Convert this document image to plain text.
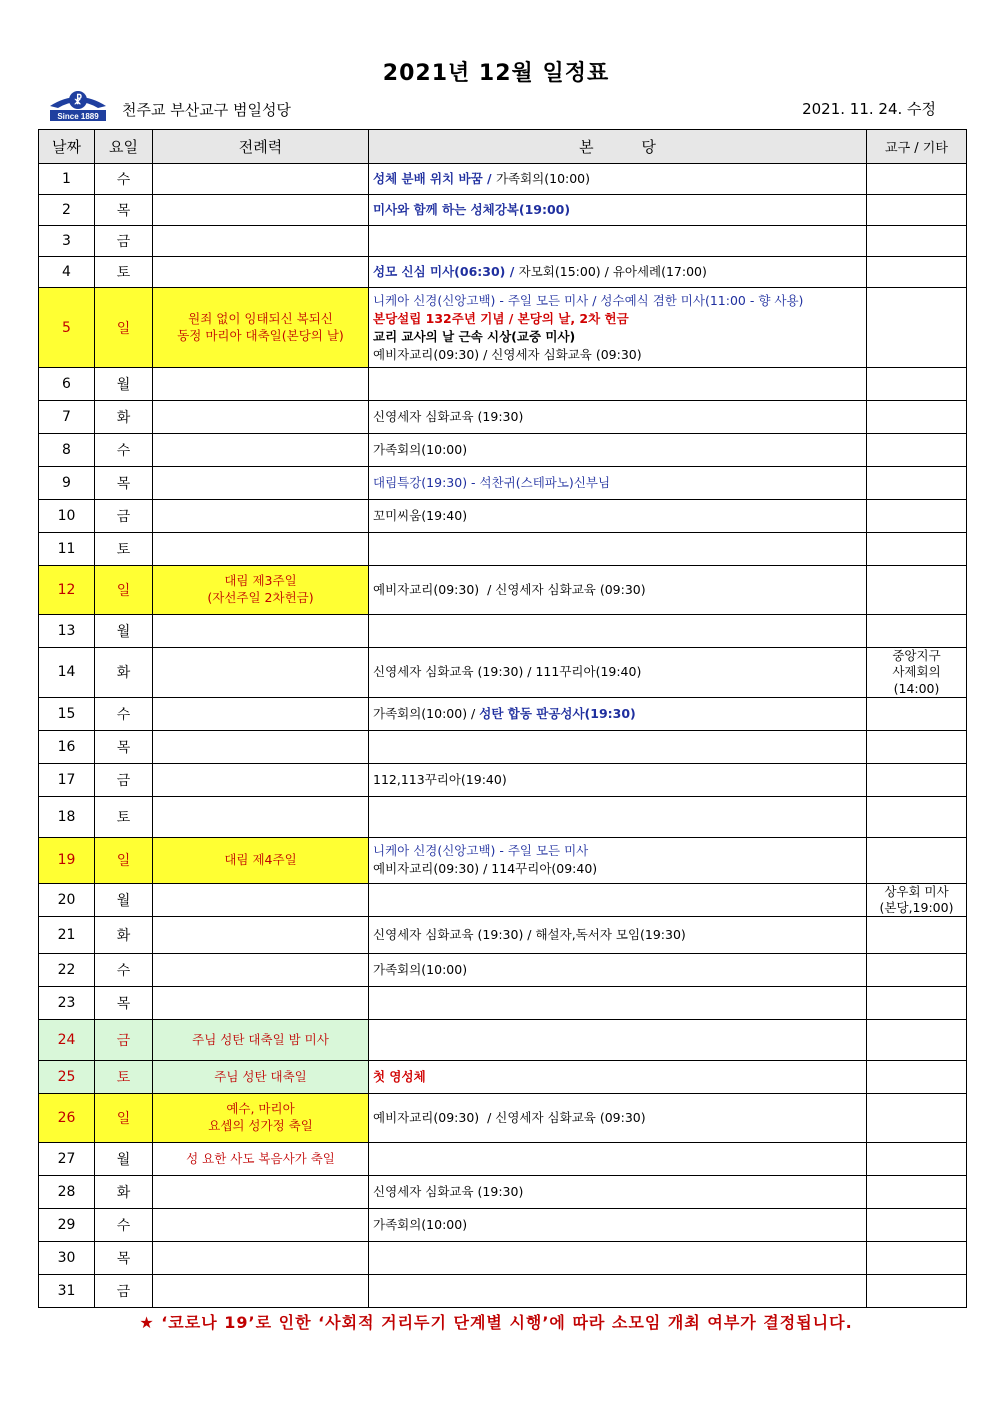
2021년 12월 일정표
☧
Since 1889 천주교 부산교구 범일성당	2021. 11. 24. 수정
날짜	요일	전례력	본          당	교구 / 기타
1	수		성체 분배 위치 바꿈 / 가족회의(10:00)	

2	목		미사와 함께 하는 성체강복(19:00)	

3	금			
4	토		성모 신심 미사(06:30) / 자모회(15:00) / 유아세례(17:00)	

5	일	원죄 없이 잉태되신 복되신
동정 마리아 대축일(본당의 날)	니케아 신경(신앙고백) - 주일 모든 미사 / 성수예식 겸한 미사(11:00 - 향 사용)
본당설립 132주년 기념 / 본당의 날, 2차 헌금
교리 교사의 날 근속 시상(교중 미사)
예비자교리(09:30) / 신영세자 심화교육 (09:30)	

6	월			
7	화		신영세자 심화교육 (19:30)	

8	수		가족회의(10:00)	

9	목		대림특강(19:30) - 석찬귀(스테파노)신부님	

10	금		꼬미씨움(19:40)	

11	토			
12	일	대림 제3주일
(자선주일 2차헌금)	예비자교리(09:30)  / 신영세자 심화교육 (09:30)	

13	월			
14	화		신영세자 심화교육 (19:30) / 111꾸리아(19:40)	중앙지구
사제회의(14:00)
15	수		가족회의(10:00) / 성탄 합동 판공성사(19:30)	

16	목			
17	금		112,113꾸리아(19:40)	

18	토			
19	일	대림 제4주일	니케아 신경(신앙고백) - 주일 모든 미사
예비자교리(09:30) / 114꾸리아(09:40)	

20	월			상우회 미사
(본당,19:00)
21	화		신영세자 심화교육 (19:30) / 해설자,독서자 모임(19:30)	

22	수		가족회의(10:00)	

23	목			
24	금	주님 성탄 대축일 밤 미사		
25	토	주님 성탄 대축일	첫 영성체	

26	일	예수, 마리아
요셉의 성가정 축일	예비자교리(09:30)  / 신영세자 심화교육 (09:30)	

27	월	성 요한 사도 복음사가 축일		
28	화		신영세자 심화교육 (19:30)	

29	수		가족회의(10:00)	

30	목			
31	금			
★ ‘코로나 19’로 인한 ‘사회적 거리두기 단계별 시행’에 따라 소모임 개최 여부가 결정됩니다.
